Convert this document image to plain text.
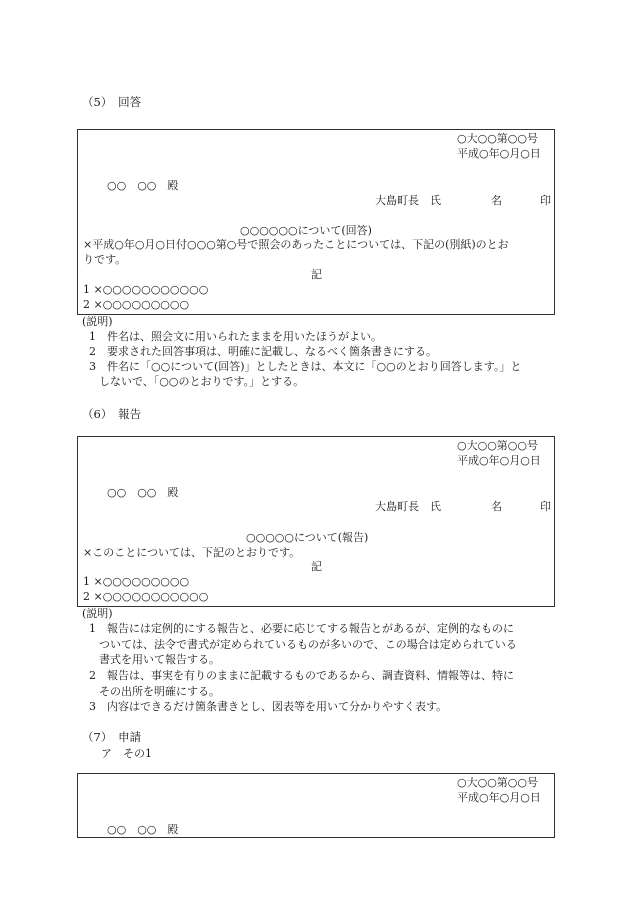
（5）　回答
○大○○第○○号
平成○年○月○日
○○　○○　殿
大島町長　氏	名	印
○○○○○○について(回答)
×平成○年○月○日付○○○第○号で照会のあったことについては、下記の(別紙)のとお
りです。
記
1 ×○○○○○○○○○○○
2 ×○○○○○○○○○
(説明)
1　件名は、照会文に用いられたままを用いたほうがよい。
2　要求された回答事項は、明確に記載し、なるべく箇条書きにする。
3　件名に「○○について(回答)」としたときは、本文に「○○のとおり回答します。」と
しないで、「○○のとおりです。」とする。
（6）　報告
○大○○第○○号
平成○年○月○日
○○　○○　殿
大島町長　氏	名	印
○○○○○について(報告)
×このことについては、下記のとおりです。
記
1 ×○○○○○○○○○
2 ×○○○○○○○○○○○
(説明)
1　報告には定例的にする報告と、必要に応じてする報告とがあるが、定例的なものに
ついては、法令で書式が定められているものが多いので、この場合は定められている
書式を用いて報告する。
2　報告は、事実を有りのままに記載するものであるから、調査資料、情報等は、特に
その出所を明確にする。
3　内容はできるだけ箇条書きとし、図表等を用いて分かりやすく表す。
（7）　申請
ア　その1
○大○○第○○号
平成○年○月○日
○○　○○　殿
